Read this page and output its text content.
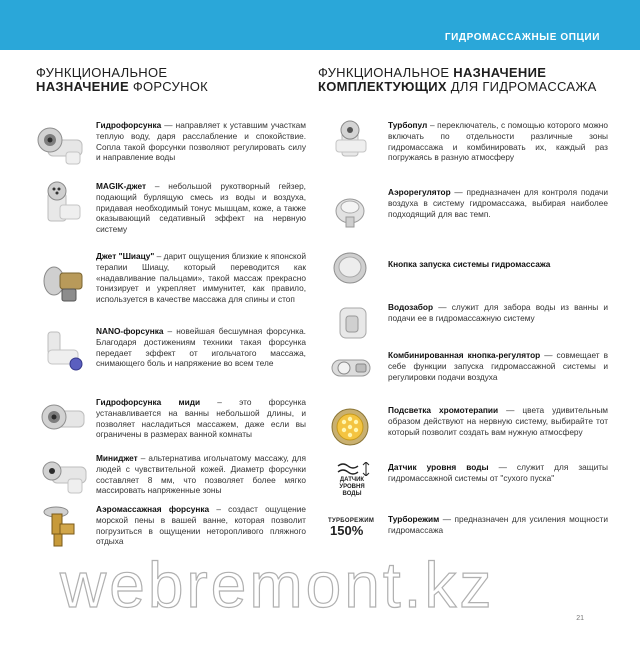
ГИДРОМАССАЖНЫЕ ОПЦИИ
ФУНКЦИОНАЛЬНОЕ
НАЗНАЧЕНИЕ ФОРСУНОК
ФУНКЦИОНАЛЬНОЕ НАЗНАЧЕНИЕ
КОМПЛЕКТУЮЩИХ ДЛЯ ГИДРОМАССАЖА
Гидрофорсунка — направляет к уставшим участкам теплую воду, даря расслабление и спокойствие. Сопла такой форсунки позволяют регулировать силу и направление воды
MAGIK-джет – небольшой рукотворный гейзер, подающий бурлящую смесь из воды и воздуха, придавая необходимый тонус мышцам, коже, а также оказывающий седативный эффект на нервную систему
Джет "Шиацу" – дарит ощущения близкие к японской терапии Шиацу, который переводится как «надавливание пальцами», такой массаж прекрасно тонизирует и укрепляет иммунитет, как правило, используется в качестве массажа для спины и стоп
NANO-форсунка – новейшая бесшумная форсунка. Благодаря достижениям техники такая форсунка передает эффект от игольчатого массажа, снимающего боль и напряжение во всем теле
Гидрофорсунка миди – это форсунка устанавливается на ванны небольшой длины, и позволяет насладиться массажем, даже если вы ограничены в размерах ванной комнаты
Миниджет – альтернатива игольчатому массажу, для людей с чувствительной кожей. Диаметр форсунки составляет 8 мм, что позволяет более мягко массировать напряженные зоны
Аэромассажная форсунка – создаст ощущение морской пены в вашей ванне, которая позволит погрузиться в ощущении неторопливого пляжного отдыха
Турбопул – переключатель, с помощью которого можно включать по отдельности различные зоны гидромассажа и комбинировать их, каждый раз погружаясь в разную атмосферу
Аэрорегулятор — предназначен для контроля подачи воздуха в систему гидромассажа, выбирая наиболее подходящий для вас темп.
Кнопка запуска системы гидромассажа
Водозабор — служит для забора воды из ванны и подачи ее в гидромассажную систему
Комбинированная кнопка-регулятор — совмещает в себе функции запуска гидромассажной системы и регулировки подачи воздуха
Подсветка хромотерапии — цвета удивительным образом действуют на нервную систему, выбирайте тот который позволит создать вам нужную атмосферу
ДАТЧИК УРОВНЯ ВОДЫ
Датчик уровня воды — служит для защиты гидромассажной системы от "сухого пуска"
ТУРБОРЕЖИМ
150%
Турборежим — предназначен для усиления мощности гидромассажа
webremont.kz	21
